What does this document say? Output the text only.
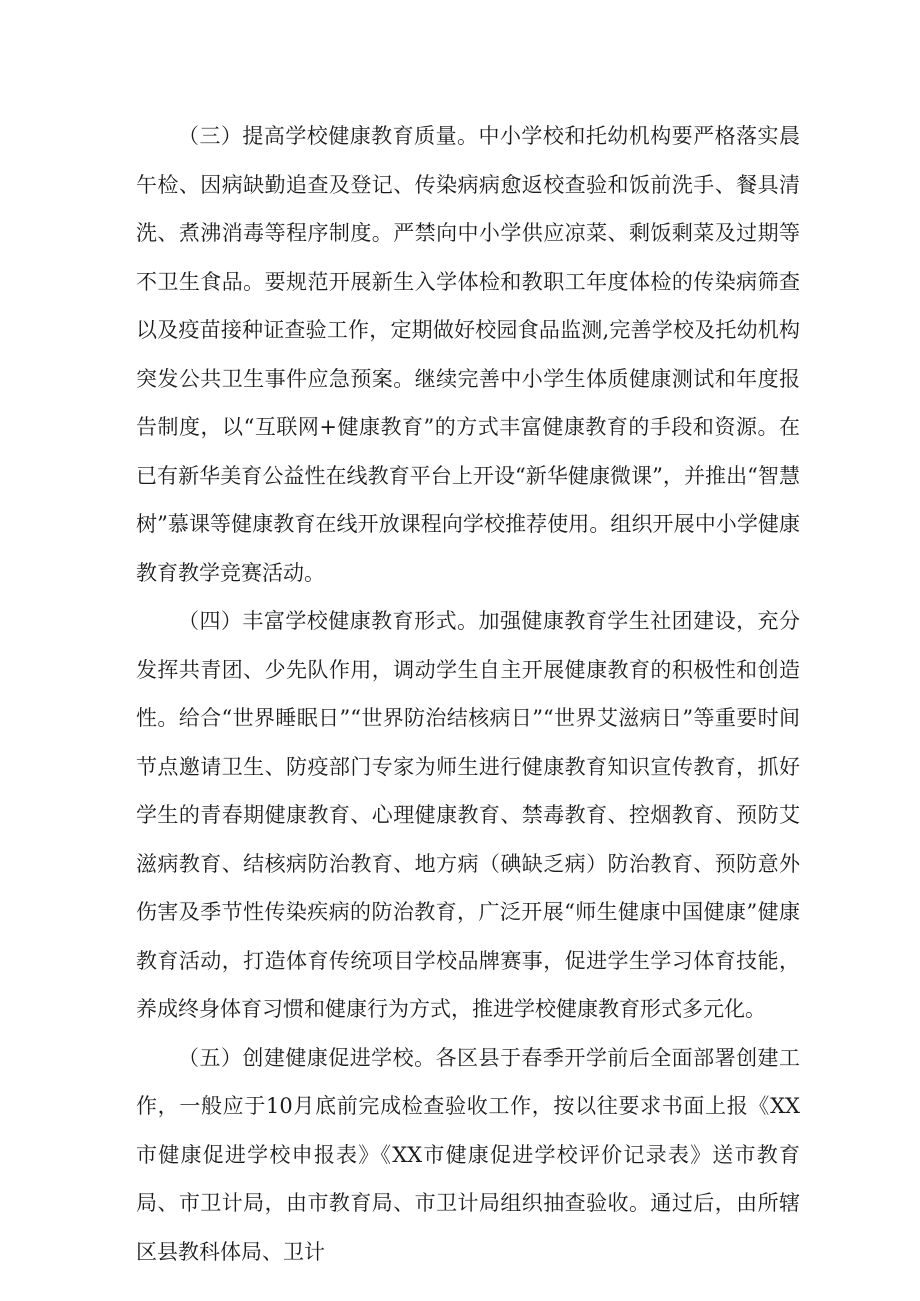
（三）提高学校健康教育质量。中小学校和托幼机构要严格落实晨午检、因病缺勤追查及登记、传染病病愈返校查验和饭前洗手、餐具清洗、煮沸消毒等程序制度。严禁向中小学供应凉菜、剩饭剩菜及过期等不卫生食品。要规范开展新生入学体检和教职工年度体检的传染病筛查以及疫苗接种证查验工作，定期做好校园食品监测,完善学校及托幼机构突发公共卫生事件应急预案。继续完善中小学生体质健康测试和年度报告制度，以“互联网+健康教育”的方式丰富健康教育的手段和资源。在已有新华美育公益性在线教育平台上开设“新华健康微课”，并推出“智慧树”慕课等健康教育在线开放课程向学校推荐使用。组织开展中小学健康教育教学竞赛活动。

（四）丰富学校健康教育形式。加强健康教育学生社团建设，充分发挥共青团、少先队作用，调动学生自主开展健康教育的积极性和创造性。给合“世界睡眠日”“世界防治结核病日”“世界艾滋病日”等重要时间节点邀请卫生、防疫部门专家为师生进行健康教育知识宣传教育，抓好学生的青春期健康教育、心理健康教育、禁毒教育、控烟教育、预防艾滋病教育、结核病防治教育、地方病（碘缺乏病）防治教育、预防意外伤害及季节性传染疾病的防治教育，广泛开展“师生健康中国健康”健康教育活动，打造体育传统项目学校品牌赛事，促进学生学习体育技能，养成终身体育习惯和健康行为方式，推进学校健康教育形式多元化。

（五）创建健康促进学校。各区县于春季开学前后全面部署创建工作，一般应于10月底前完成检查验收工作，按以往要求书面上报《XX市健康促进学校申报表》《XX市健康促进学校评价记录表》送市教育局、市卫计局，由市教育局、市卫计局组织抽查验收。通过后，由所辖区县教科体局、卫计
